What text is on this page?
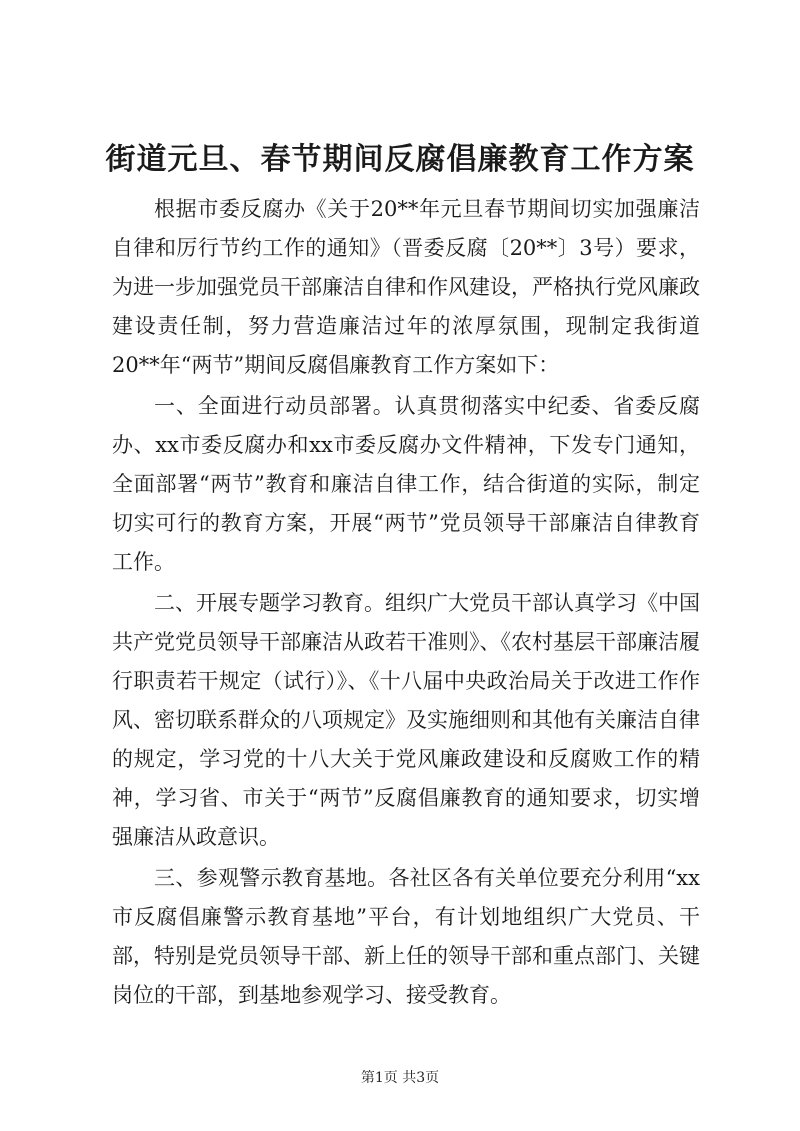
街道元旦、春节期间反腐倡廉教育工作方案

根据市委反腐办《关于20**年元旦春节期间切实加强廉洁自律和厉行节约工作的通知》（晋委反腐〔20**〕3号）要求，为进一步加强党员干部廉洁自律和作风建设，严格执行党风廉政建设责任制，努力营造廉洁过年的浓厚氛围，现制定我街道20**年“两节”期间反腐倡廉教育工作方案如下：

一、全面进行动员部署。认真贯彻落实中纪委、省委反腐办、xx市委反腐办和xx市委反腐办文件精神，下发专门通知，全面部署“两节”教育和廉洁自律工作，结合街道的实际，制定切实可行的教育方案，开展“两节”党员领导干部廉洁自律教育工作。

二、开展专题学习教育。组织广大党员干部认真学习《中国共产党党员领导干部廉洁从政若干准则》、《农村基层干部廉洁履行职责若干规定（试行）》、《十八届中央政治局关于改进工作作风、密切联系群众的八项规定》及实施细则和其他有关廉洁自律的规定，学习党的十八大关于党风廉政建设和反腐败工作的精神，学习省、市关于“两节”反腐倡廉教育的通知要求，切实增强廉洁从政意识。

三、参观警示教育基地。各社区各有关单位要充分利用“xx市反腐倡廉警示教育基地”平台，有计划地组织广大党员、干部，特别是党员领导干部、新上任的领导干部和重点部门、关键岗位的干部，到基地参观学习、接受教育。

第1页 共3页
